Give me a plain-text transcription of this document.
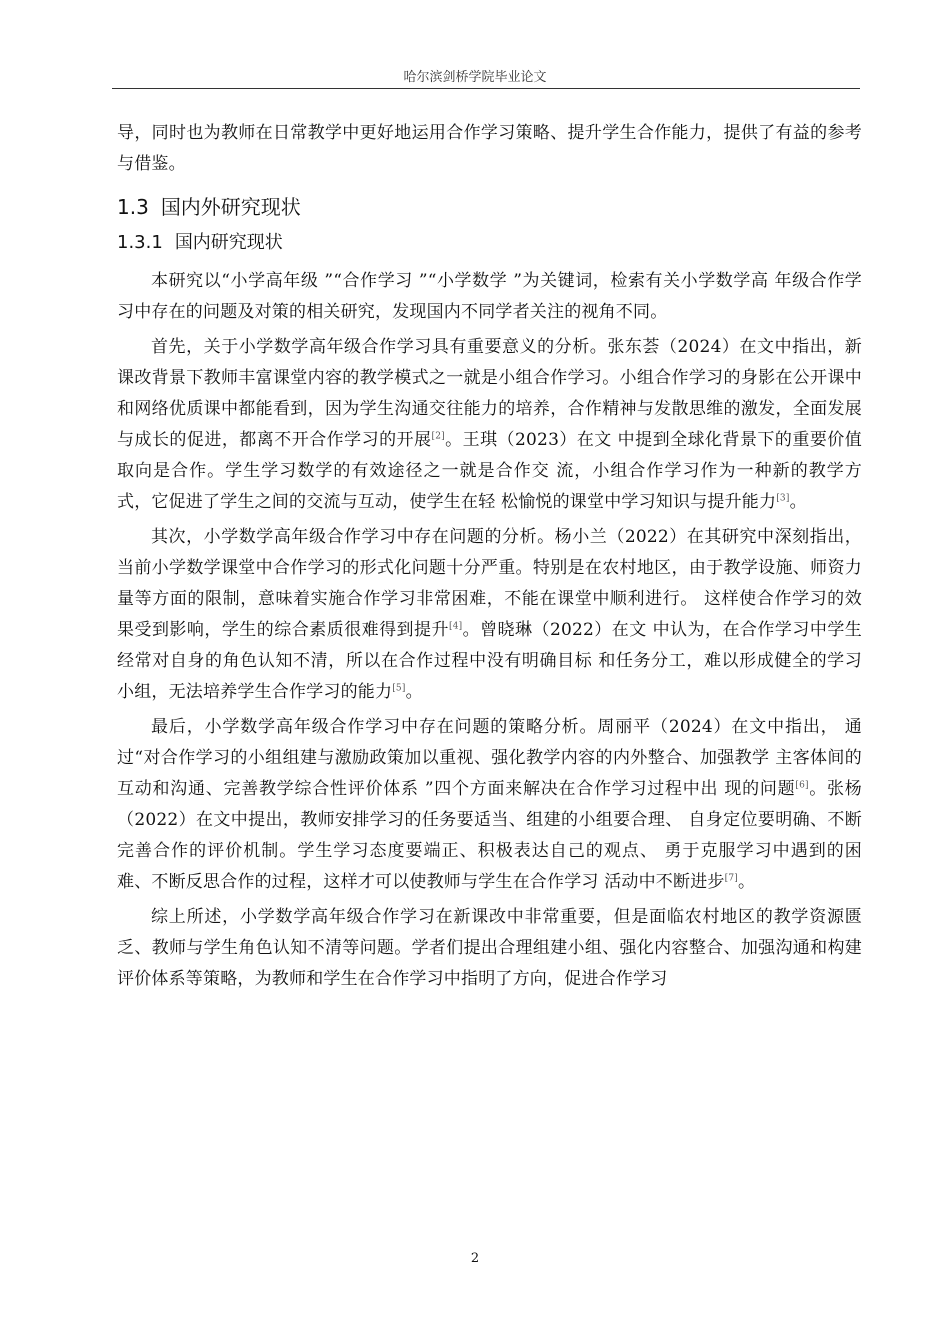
哈尔滨剑桥学院毕业论文

导，同时也为教师在日常教学中更好地运用合作学习策略、提升学生合作能力，提供了有益的参考与借鉴。

1.3 国内外研究现状
1.3.1 国内研究现状

本研究以“小学高年级 ”“合作学习 ”“小学数学 ”为关键词，检索有关小学数学高 年级合作学习中存在的问题及对策的相关研究，发现国内不同学者关注的视角不同。

首先，关于小学数学高年级合作学习具有重要意义的分析。张东荟（2024）在文中指出，新课改背景下教师丰富课堂内容的教学模式之一就是小组合作学习。小组合作学习的身影在公开课中和网络优质课中都能看到，因为学生沟通交往能力的培养，合作精神与发散思维的激发，全面发展与成长的促进，都离不开合作学习的开展[2]。王琪（2023）在文 中提到全球化背景下的重要价值取向是合作。学生学习数学的有效途径之一就是合作交 流，小组合作学习作为一种新的教学方式，它促进了学生之间的交流与互动，使学生在轻 松愉悦的课堂中学习知识与提升能力[3]。

其次，小学数学高年级合作学习中存在问题的分析。杨小兰（2022）在其研究中深刻指出，当前小学数学课堂中合作学习的形式化问题十分严重。特别是在农村地区，由于教学设施、师资力量等方面的限制，意味着实施合作学习非常困难，不能在课堂中顺利进行。 这样使合作学习的效果受到影响，学生的综合素质很难得到提升[4]。曾晓琳（2022）在文 中认为，在合作学习中学生经常对自身的角色认知不清，所以在合作过程中没有明确目标 和任务分工，难以形成健全的学习小组，无法培养学生合作学习的能力[5]。

最后，小学数学高年级合作学习中存在问题的策略分析。周丽平（2024）在文中指出， 通过“对合作学习的小组组建与激励政策加以重视、强化教学内容的内外整合、加强教学 主客体间的互动和沟通、完善教学综合性评价体系 ”四个方面来解决在合作学习过程中出 现的问题[6]。张杨（2022）在文中提出，教师安排学习的任务要适当、组建的小组要合理、 自身定位要明确、不断完善合作的评价机制。学生学习态度要端正、积极表达自己的观点、 勇于克服学习中遇到的困难、不断反思合作的过程，这样才可以使教师与学生在合作学习 活动中不断进步[7]。

综上所述，小学数学高年级合作学习在新课改中非常重要，但是面临农村地区的教学资源匮乏、教师与学生角色认知不清等问题。学者们提出合理组建小组、强化内容整合、加强沟通和构建评价体系等策略，为教师和学生在合作学习中指明了方向，促进合作学习

2
